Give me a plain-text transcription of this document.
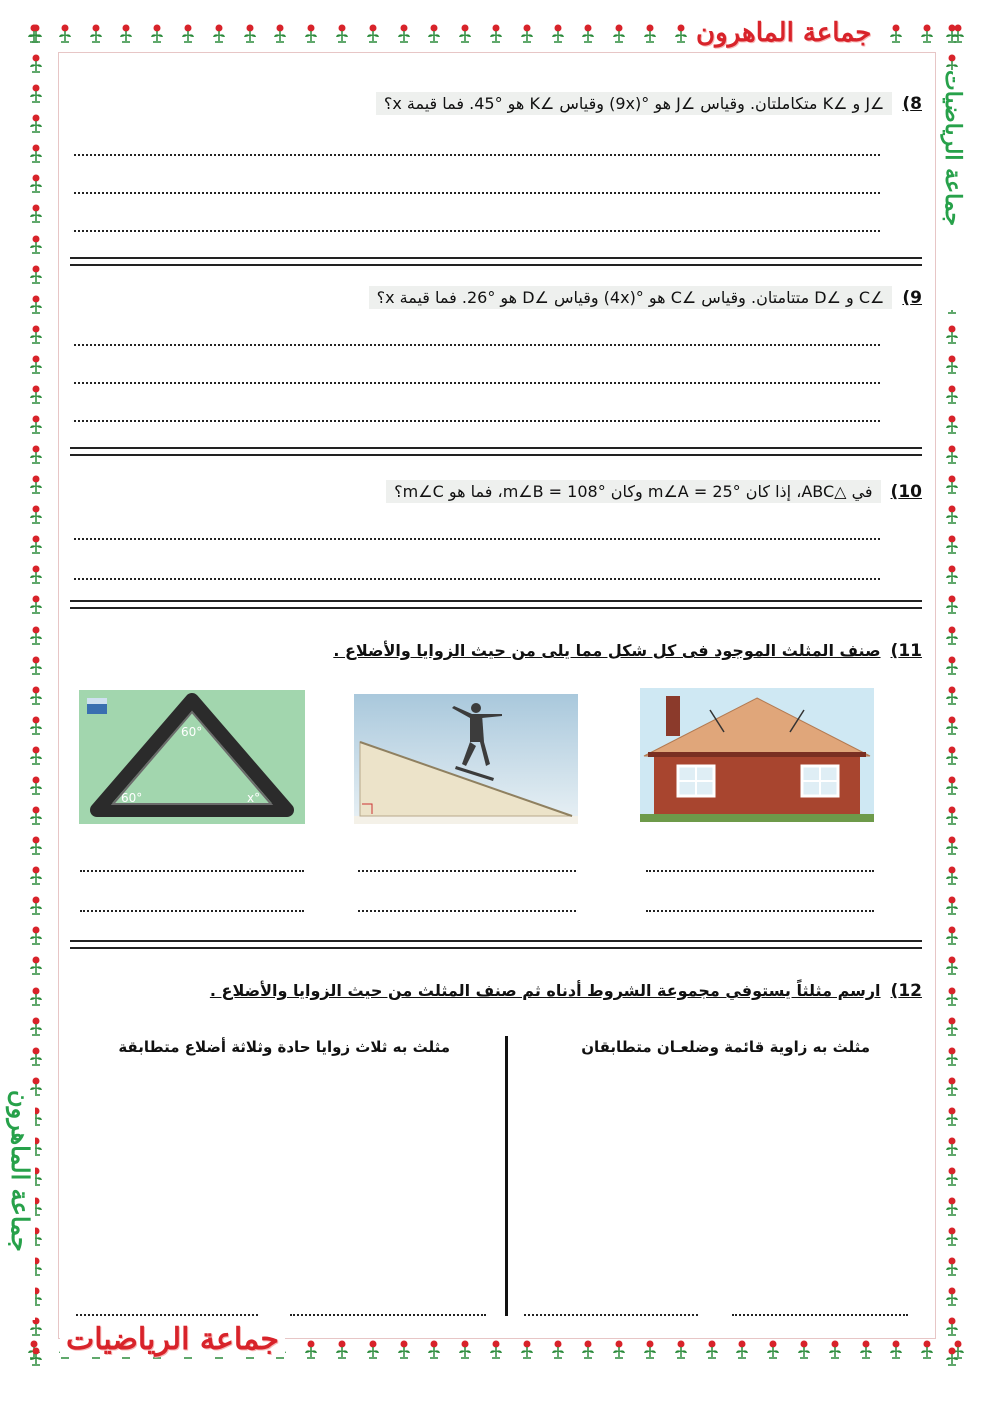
جماعة الماهرون
جماعة الرياضيات
جماعة الرياضيات
جماعة الماهرون
8)∠J و ∠K متكاملتان. وقياس ∠J هو °(9x) وقياس ∠K هو °45. فما قيمة x؟
9)∠C و ∠D متتامتان. وقياس ∠C هو °(4x) وقياس ∠D هو °26. فما قيمة x؟
10)في △ABC، إذا كان m∠A = 25° وكان m∠B = 108°، فما هو m∠C؟
11)صنف المثلث الموجود فى كل شكل مما يلى من حيث الزوايا والأضلاع .
60°
60°	x°
12)ارسم مثلثاً يستوفي مجموعة الشروط أدناه ثم صنف المثلث من حيث الزوايا والأضلاع .
مثلث به زاوية قائمة وضلعـان متطابقان
مثلث به ثلاث زوايا حادة وثلاثة أضلاع متطابقة
